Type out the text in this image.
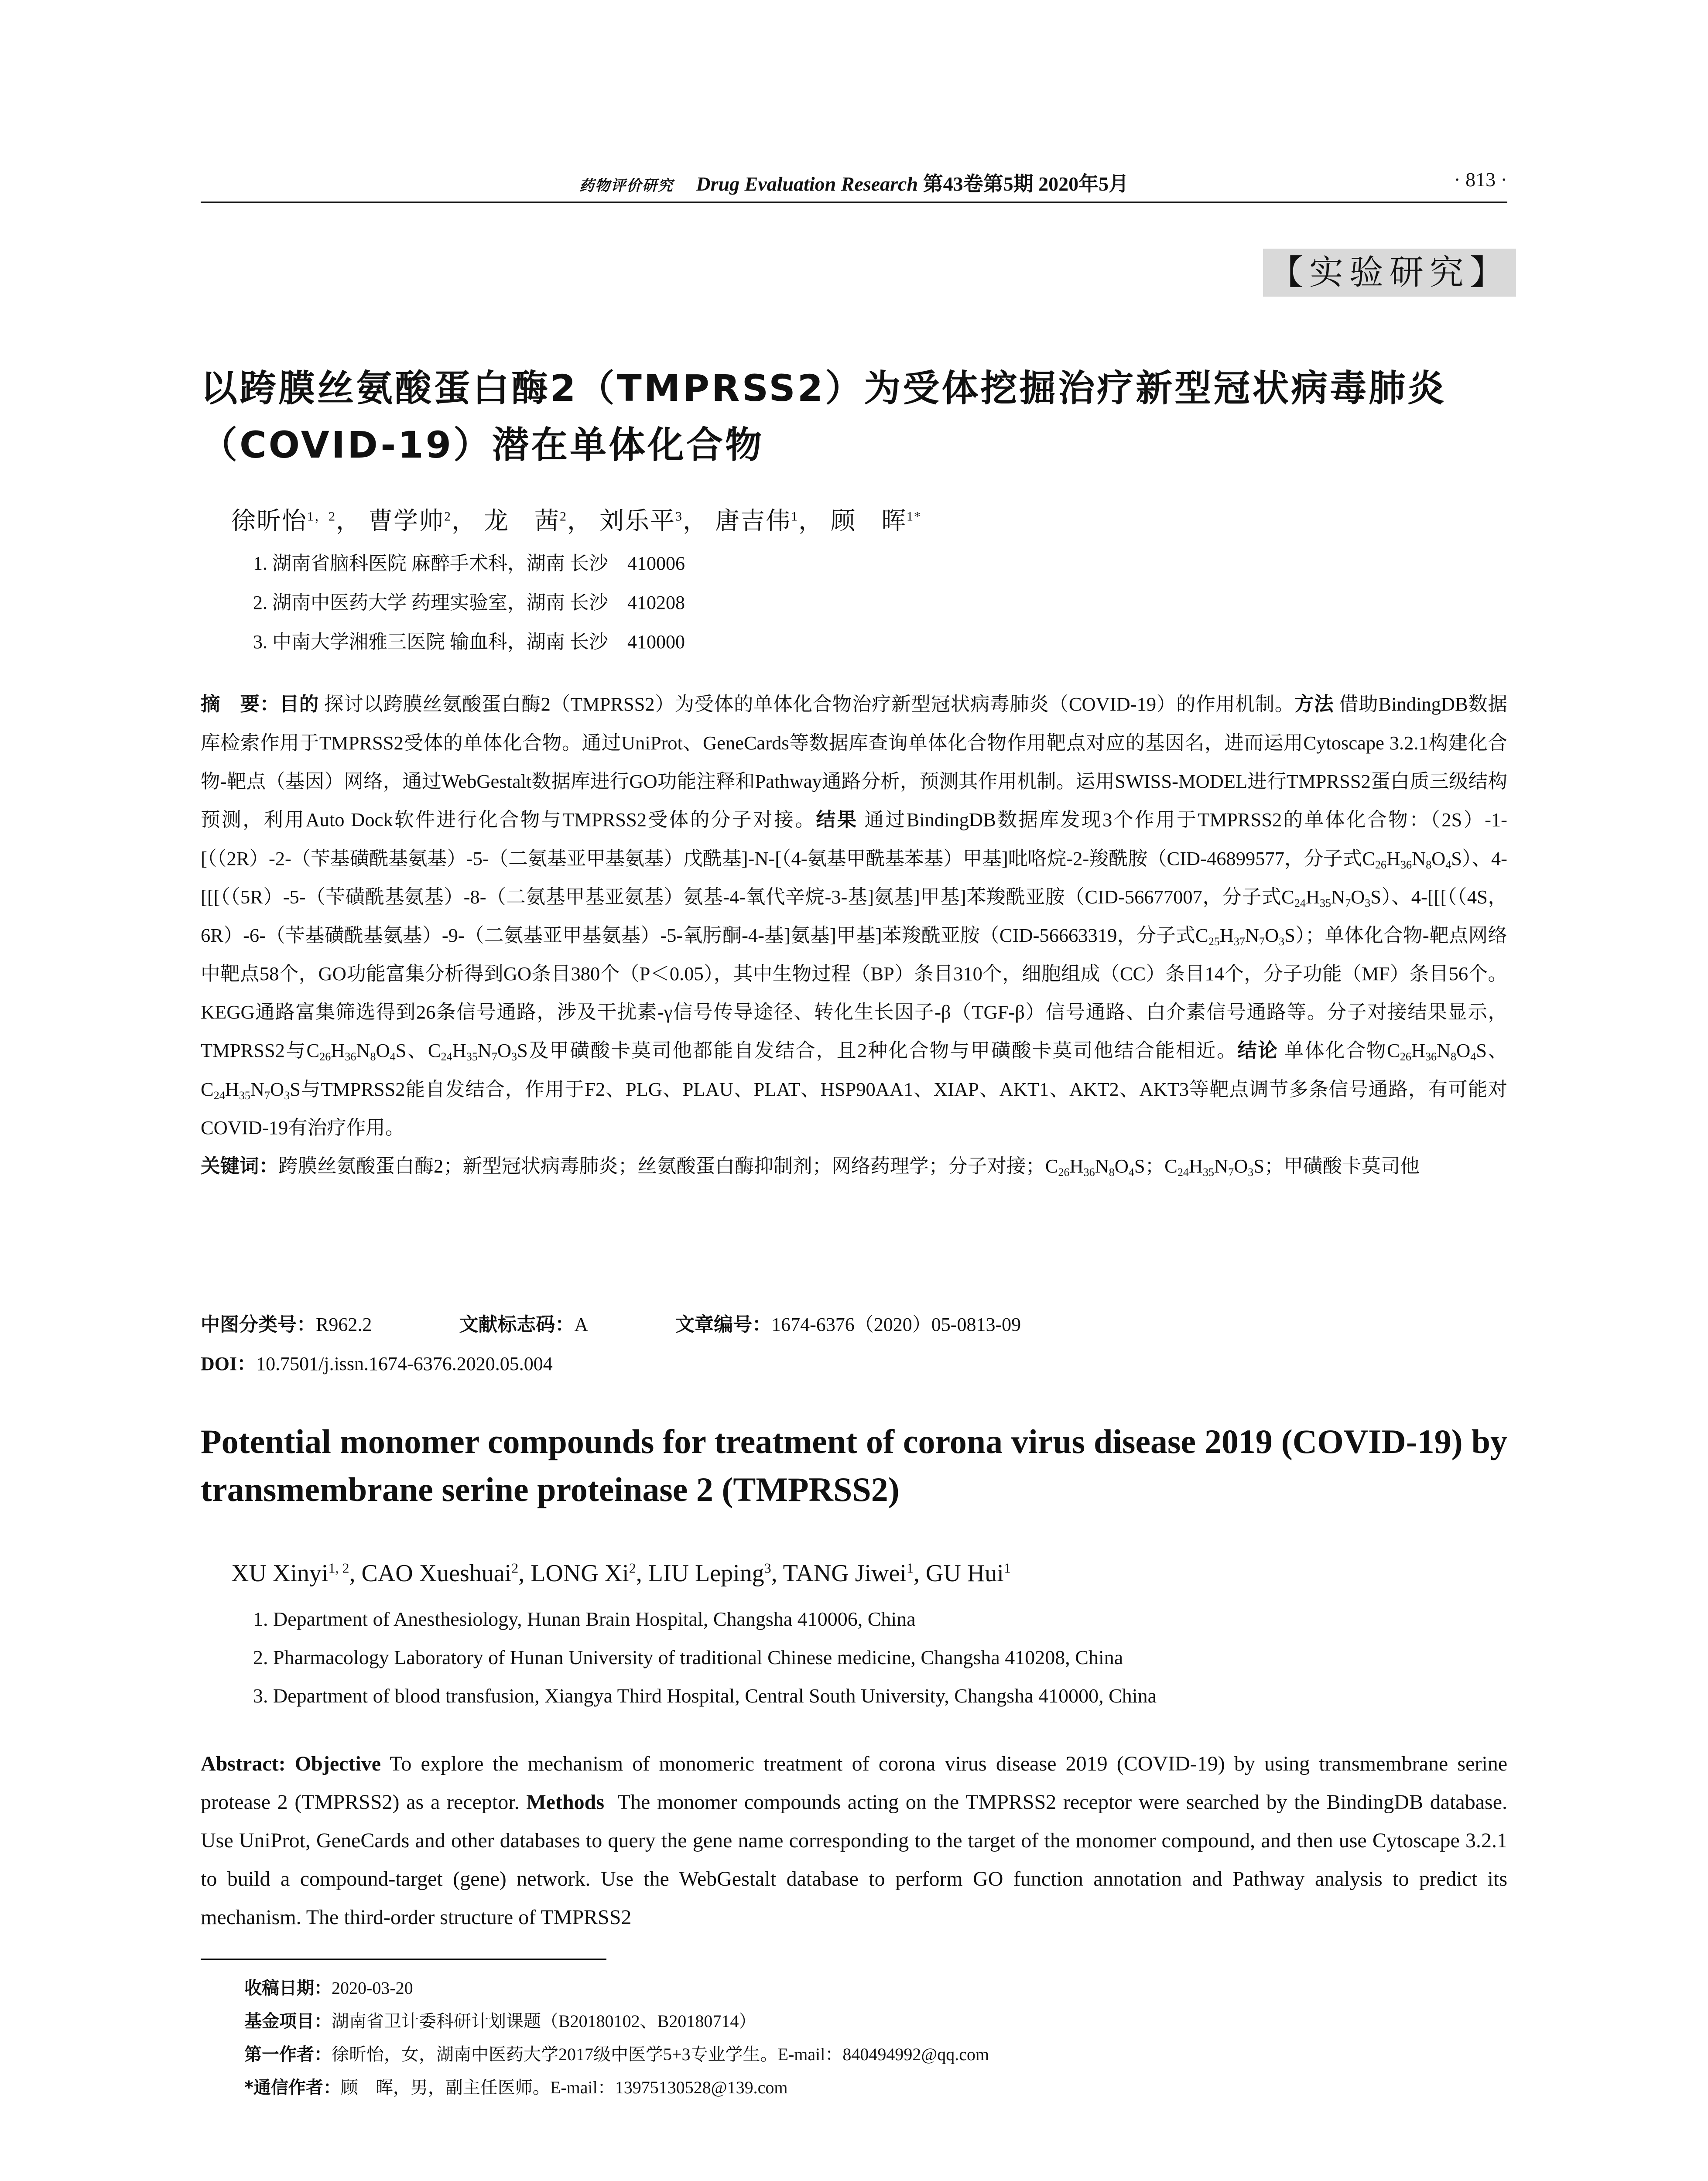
药物评价研究 Drug Evaluation Research 第43卷第5期 2020年5月	· 813 ·
【实验研究】
以跨膜丝氨酸蛋白酶2（TMPRSS2）为受体挖掘治疗新型冠状病毒肺炎（COVID-19）潜在单体化合物
徐昕怡$^{1,2}$， 曹学帅$^2$， 龙　茜$^2$， 刘乐平$^3$， 唐吉伟$^1$， 顾　晖$^{1*}$
1. 湖南省脑科医院 麻醉手术科，湖南 长沙　410006
2. 湖南中医药大学 药理实验室，湖南 长沙　410208
3. 中南大学湘雅三医院 输血科，湖南 长沙　410000
摘　要：目的 探讨以跨膜丝氨酸蛋白酶2（TMPRSS2）为受体的单体化合物治疗新型冠状病毒肺炎（COVID-19）的作用机制。方法 借助BindingDB数据库检索作用于TMPRSS2受体的单体化合物。通过UniProt、GeneCards等数据库查询单体化合物作用靶点对应的基因名，进而运用Cytoscape 3.2.1构建化合物-靶点（基因）网络，通过WebGestalt数据库进行GO功能注释和Pathway通路分析，预测其作用机制。运用SWISS-MODEL进行TMPRSS2蛋白质三级结构预测，利用Auto Dock软件进行化合物与TMPRSS2受体的分子对接。结果 通过BindingDB数据库发现3个作用于TMPRSS2的单体化合物：（2S）-1-[（（2R）-2-（苄基磺酰基氨基）-5-（二氨基亚甲基氨基）戊酰基]-N-[（4-氨基甲酰基苯基）甲基]吡咯烷-2-羧酰胺（CID-46899577，分子式$C_{26}H_{36}N_8O_4S$）、4-[[[（（5R）-5-（苄磺酰基氨基）-8-（二氨基甲基亚氨基）氨基-4-氧代辛烷-3-基]氨基]甲基]苯羧酰亚胺（CID-56677007，分子式$C_{24}H_{35}N_7O_3S$）、4-[[[（（4S，6R）-6-（苄基磺酰基氨基）-9-（二氨基亚甲基氨基）-5-氧肟酮-4-基]氨基]甲基]苯羧酰亚胺（CID-56663319，分子式$C_{25}H_{37}N_7O_3S$）；单体化合物-靶点网络中靶点58个，GO功能富集分析得到GO条目380个（P＜0.05），其中生物过程（BP）条目310个，细胞组成（CC）条目14个，分子功能（MF）条目56个。KEGG通路富集筛选得到26条信号通路，涉及干扰素-γ信号传导途径、转化生长因子-β（TGF-β）信号通路、白介素信号通路等。分子对接结果显示，TMPRSS2与$C_{26}H_{36}N_8O_4S$、$C_{24}H_{35}N_7O_3S$及甲磺酸卡莫司他都能自发结合，且2种化合物与甲磺酸卡莫司他结合能相近。结论 单体化合物$C_{26}H_{36}N_8O_4S$、$C_{24}H_{35}N_7O_3S$与TMPRSS2能自发结合，作用于F2、PLG、PLAU、PLAT、HSP90AA1、XIAP、AKT1、AKT2、AKT3等靶点调节多条信号通路，有可能对COVID-19有治疗作用。
关键词：跨膜丝氨酸蛋白酶2；新型冠状病毒肺炎；丝氨酸蛋白酶抑制剂；网络药理学；分子对接；$C_{26}H_{36}N_8O_4S$；$C_{24}H_{35}N_7O_3S$；甲磺酸卡莫司他
中图分类号：R962.2	文献标志码：A	文章编号：1674-6376（2020）05-0813-09
DOI：10.7501/j.issn.1674-6376.2020.05.004
Potential monomer compounds for treatment of corona virus disease 2019 (COVID-19) by transmembrane serine proteinase 2 (TMPRSS2)
XU Xinyi$^{1, 2}$, CAO Xueshuai$^2$, LONG Xi$^2$, LIU Leping$^3$, TANG Jiwei$^1$, GU Hui$^1$
1. Department of Anesthesiology, Hunan Brain Hospital, Changsha 410006, China
2. Pharmacology Laboratory of Hunan University of traditional Chinese medicine, Changsha 410208, China
3. Department of blood transfusion, Xiangya Third Hospital, Central South University, Changsha 410000, China
Abstract: Objective To explore the mechanism of monomeric treatment of corona virus disease 2019 (COVID-19) by using transmembrane serine protease 2 (TMPRSS2) as a receptor. Methods The monomer compounds acting on the TMPRSS2 receptor were searched by the BindingDB database. Use UniProt, GeneCards and other databases to query the gene name corresponding to the target of the monomer compound, and then use Cytoscape 3.2.1 to build a compound-target (gene) network. Use the WebGestalt database to perform GO function annotation and Pathway analysis to predict its mechanism. The third-order structure of TMPRSS2
收稿日期：2020-03-20
基金项目：湖南省卫计委科研计划课题（B20180102、B20180714）
第一作者：徐昕怡，女，湖南中医药大学2017级中医学5+3专业学生。E-mail：840494992@qq.com
*通信作者：顾　晖，男，副主任医师。E-mail：13975130528@139.com
